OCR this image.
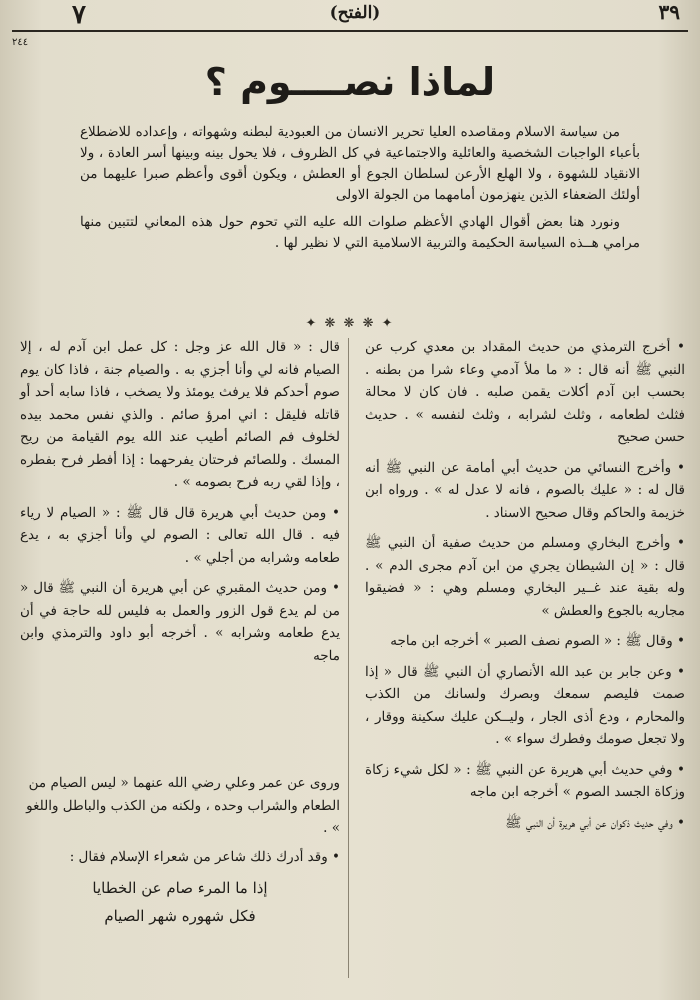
٧	(الفتح)	٣٩
٢٤٤
لماذا نصــــوم ؟

من سياسة الاسلام ومقاصده العليا تحرير الانسان من العبودية لبطنه وشهواته ، وإعداده للاضطلاع بأعباء الواجبات الشخصية والعائلية والاجتماعية في كل الظروف ، فلا يحول بينه وبينها أسر العادة ، ولا الانقياد للشهوة ، ولا الهلع الأرعن لسلطان الجوع أو العطش ، ويكون أقوى وأعظم صبرا عليهما من أولئك الضعفاء الذين ينهزمون أمامهما من الجولة الاولى

ونورد هنا بعض أقوال الهادي الأعظم صلوات الله عليه التي تحوم حول هذه المعاني لتتبين منها مرامي هــذه السياسة الحكيمة والتربية الاسلامية التي لا نظير لها .

✦ ❋ ❋ ❋ ✦

• أخرج الترمذي من حديث المقداد بن معدي كرب عن النبي ﷺ أنه قال : « ما ملأ آدمي وعاء شرا من بطنه . بحسب ابن آدم أكلات يقمن صلبه . فان كان لا محالة فثلث لطعامه ، وثلث لشرابه ، وثلث لنفسه » . حديث حسن صحيح

• وأخرج النسائي من حديث أبي أمامة عن النبي ﷺ أنه قال له : « عليك بالصوم ، فانه لا عدل له » . ورواه ابن خزيمة والحاكم وقال صحيح الاسناد .

• وأخرج البخاري ومسلم من حديث صفية أن النبي ﷺ قال : « إن الشيطان يجري من ابن آدم مجرى الدم » . وله بقية عند غــير البخاري ومسلم وهي : « فضيقوا مجاريه بالجوع والعطش »

• وقال ﷺ : « الصوم نصف الصبر » أخرجه ابن ماجه

• وعن جابر بن عبد الله الأنصاري أن النبي ﷺ قال « إذا صمت فليصم سمعك وبصرك ولسانك من الكذب والمحارم ، ودع أذى الجار ، وليــكن عليك سكينة ووقار ، ولا تجعل صومك وفطرك سواء » .

• وفي حديث أبي هريرة عن النبي ﷺ : « لكل شيء زكاة وزكاة الجسد الصوم » أخرجه ابن ماجه

• وفي حديث ذكوان عن أبي هريرة أن النبي ﷺ

قال : « قال الله عز وجل : كل عمل ابن آدم له ، إلا الصيام فانه لي وأنا أجزي به . والصيام جنة ، فاذا كان يوم صوم أحدكم فلا يرفث يومئذ ولا يصخب ، فاذا سابه أحد أو قاتله فليقل : اني امرؤ صائم . والذي نفس محمد بيده لخلوف فم الصائم أطيب عند الله يوم القيامة من ريح المسك . وللصائم فرحتان يفرحهما : إذا أفطر فرح بفطره ، وإذا لقي ربه فرح بصومه » .

• ومن حديث أبي هريرة قال قال ﷺ : « الصيام لا رياء فيه . قال الله تعالى : الصوم لي وأنا أجزي به ، يدع طعامه وشرابه من أجلي » .

• ومن حديث المقبري عن أبي هريرة أن النبي ﷺ قال « من لم يدع قول الزور والعمل به فليس لله حاجة في أن يدع طعامه وشرابه » . أخرجه أبو داود والترمذي وابن ماجه

وروى عن عمر وعلي رضي الله عنهما « ليس الصيام من الطعام والشراب وحده ، ولكنه من الكذب والباطل واللغو » .

• وقد أدرك ذلك شاعر من شعراء الإسلام فقال :

إذا ما المرء صام عن الخطايا
فكل شهوره شهر الصيام
